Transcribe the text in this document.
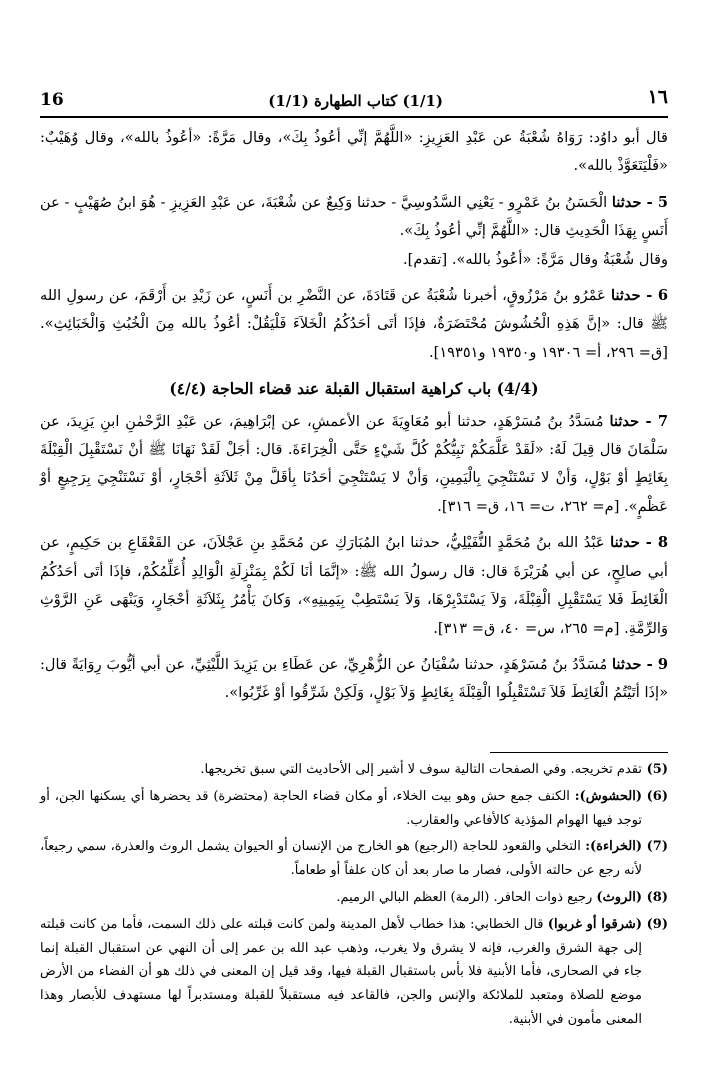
16	(1/1) كتاب الطهارة (1/1)	١٦

قال أبو داوُد: رَوَاهُ شُعْبَةُ عن عَبْدِ العَزِيزِ: «اللَّهُمَّ إنِّي أعُوذُ بِكَ»، وقال مَرَّةً: «أعُوذُ بالله»، وقال وُهَيْبٌ: «فَلْيَتَعَوَّذْ بالله».

5 - حدثنا الْحَسَنُ بنُ عَمْرٍو - يَعْنِي السَّدُوسِيَّ - حدثنا وَكِيعٌ عن شُعْبَةَ، عن عَبْدِ العَزِيزِ - هُوَ ابنُ صُهَيْبٍ - عن أَنَسٍ بِهَذَا الْحَدِيثِ قال: «اللَّهُمَّ إنِّي أعُوذُ بِكَ».
وقال شُعْبَةُ وقال مَرَّةً: «أعُوذُ بالله». [تقدم].

6 - حدثنا عَمْرُو بنُ مَرْزُوقٍ، أخبرنا شُعْبَةُ عن قَتَادَةَ، عن النَّضْرِ بن أَنَسٍ، عن زَيْدِ بن أَرْقَمَ، عن رسولِ الله ﷺ قال: «إنَّ هَذِهِ الْحُشُوشَ مُحْتَضَرَةٌ، فإذَا أتَى أحَدُكُمُ الْخَلاَءَ فَلْيَقُلْ: أعُوذُ بالله مِنَ الْخُبُثِ وَالْخَبَائِثِ». [ق= ٢٩٦، أ= ١٩٣٠٦ و١٩٣٥٠ و١٩٣٥١].

(4/4) باب كراهية استقبال القبلة عند قضاء الحاجة (٤/٤)

7 - حدثنا مُسَدَّدُ بنُ مُسَرْهَدٍ، حدثنا أبو مُعَاوِيَةَ عن الأعمشِ، عن إبْرَاهِيمَ، عن عَبْدِ الرَّحْمٰنِ ابنِ يَزِيدَ، عن سَلْمَانَ قال قِيلَ لَهُ: «لَقَدْ عَلَّمَكُمْ نَبِيُّكُمْ كُلَّ شَيْءٍ حَتَّى الْخِرَاءَةَ. قال: أجَلْ لَقَدْ نَهَانَا ﷺ أنْ نَسْتَقْبِلَ الْقِبْلَةَ بِغَائِطٍ أوْ بَوْلٍ، وَأنْ لا نَسْتَنْجِيَ بِالْيَمِينِ، وَأنْ لا يَسْتَنْجِيَ أحَدُنَا بِأقَلَّ مِنْ ثَلاَثَةِ أحْجَارٍ، أوْ نَسْتَنْجِيَ بِرَجِيعٍ أوْ عَظْمٍ». [م= ٢٦٢، ت= ١٦، ق= ٣١٦].

8 - حدثنا عَبْدُ الله بنُ مُحَمَّدٍ النُّفَيْلِيُّ، حدثنا ابنُ المُبَارَكِ عن مُحَمَّدِ بنِ عَجْلاَنَ، عن القَعْقَاعِ بن حَكِيمٍ، عن أبي صالِحٍ، عن أبي هُرَيْرَةَ قال: قال رسولُ الله ﷺ: «إنَّمَا أنَا لَكُمْ بِمَنْزِلَةِ الْوَالِدِ أُعَلِّمُكُمْ، فإذَا أتَى أحَدُكُمُ الْغَائِطَ فَلا يَسْتَقْبِلِ الْقِبْلَةَ، وَلاَ يَسْتَدْبِرْهَا، وَلاَ يَسْتَطِبْ بِيَمِينِهِ»، وَكانَ يَأْمُرُ بِثَلاَثَةِ أحْجَارٍ، وَيَنْهَى عَنِ الرَّوْثِ وَالرِّمَّةِ. [م= ٢٦٥، س= ٤٠، ق= ٣١٣].

9 - حدثنا مُسَدَّدُ بنُ مُسَرْهَدٍ، حدثنا سُفْيَانُ عن الزُّهْرِيِّ، عن عَطَاءِ بن يَزِيدَ اللَّيْثِيِّ، عن أبي أيُّوبَ رِوَايَةً قال: «إذَا أتَيْتُمُ الْغَائِطَ فَلاَ تَسْتَقْبِلُوا الْقِبْلَةَ بِغَائِطٍ وَلاَ بَوْلٍ، وَلَكِنْ شَرِّقُوا أوْ غَرِّبُوا».

(5)
تقدم تخريجه. وفي الصفحات التالية سوف لا أشير إلى الأحاديث التي سبق تخريجها.
(6)
(الحشوش): الكنف جمع حش وهو بيت الخلاء، أو مكان قضاء الحاجة (محتضرة) قد يحضرها أي يسكنها الجن، أو توجد فيها الهوام المؤذية كالأفاعي والعقارب.
(7)
(الخراءة): التخلي والقعود للحاجة (الرجيع) هو الخارج من الإنسان أو الحيوان يشمل الروث والعذرة، سمي رجيعاً، لأنه رجع عن حالته الأولى، فصار ما صار بعد أن كان علفاً أو طعاماً.
(8)
(الروث) رجيع ذوات الحافر. (الرمة) العظم البالي الرميم.
(9)
(شرقوا أو غربوا) قال الخطابي: هذا خطاب لأهل المدينة ولمن كانت قبلته على ذلك السمت، فأما من كانت قبلته إلى جهة الشرق والغرب، فإنه لا يشرق ولا يغرب، وذهب عبد الله بن عمر إلى أن النهي عن استقبال القبلة إنما جاء في الصحارى، فأما الأبنية فلا بأس باستقبال القبلة فيها، وقد قيل إن المعنى في ذلك هو أن الفضاء من الأرض موضع للصلاة ومتعبد للملائكة والإنس والجن، فالقاعد فيه مستقبلاً للقبلة ومستدبراً لها مستهدف للأبصار وهذا المعنى مأمون في الأبنية.
